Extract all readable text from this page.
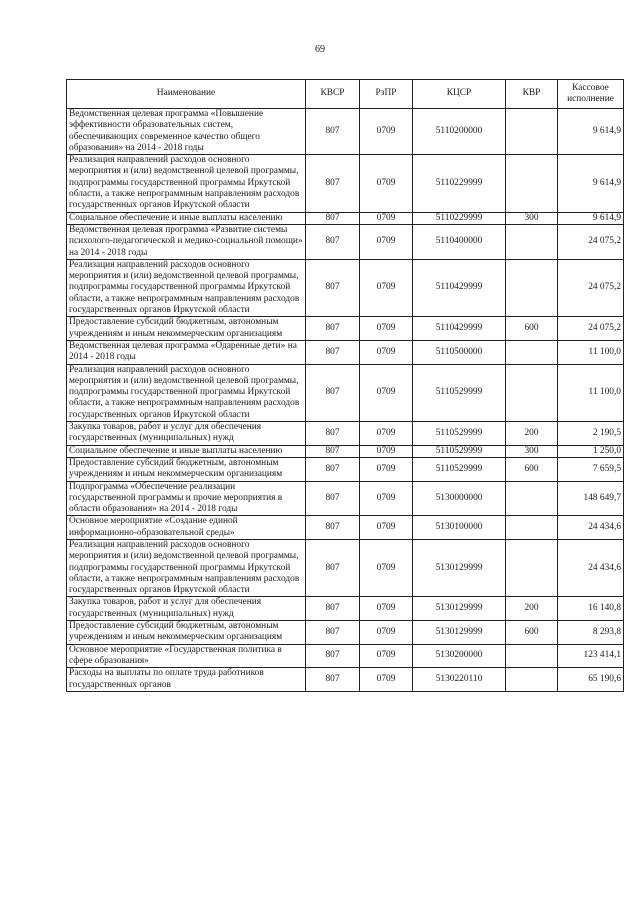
69
Наименование	КВСР	РзПР	КЦСР	КВР	Кассовое исполнение
Ведомственная целевая программа «Повышение эффективности образовательных систем, обеспечивающих современное качество общего образования» на 2014 - 2018 годы	807	0709	5110200000		9 614,9
Реализация направлений расходов основного мероприятия и (или) ведомственной целевой программы, подпрограммы государственной программы Иркутской области, а также непрограммным направлениям расходов государственных органов Иркутской области	807	0709	5110229999		9 614,9
Социальное обеспечение и иные выплаты населению	807	0709	5110229999	300	9 614,9
Ведомственная целевая программа «Развитие системы психолого-педагогической и медико-социальной помощи» на 2014 - 2018 годы	807	0709	5110400000		24 075,2
Реализация направлений расходов основного мероприятия и (или) ведомственной целевой программы, подпрограммы государственной программы Иркутской области, а также непрограммным направлениям расходов государственных органов Иркутской области	807	0709	5110429999		24 075,2
Предоставление субсидий бюджетным, автономным учреждениям и иным некоммерческим организациям	807	0709	5110429999	600	24 075,2
Ведомственная целевая программа «Одаренные дети» на 2014 - 2018 годы	807	0709	5110500000		11 100,0
Реализация направлений расходов основного мероприятия и (или) ведомственной целевой программы, подпрограммы государственной программы Иркутской области, а также непрограммным направлениям расходов государственных органов Иркутской области	807	0709	5110529999		11 100,0
Закупка товаров, работ и услуг для обеспечения государственных (муниципальных) нужд	807	0709	5110529999	200	2 190,5
Социальное обеспечение и иные выплаты населению	807	0709	5110529999	300	1 250,0
Предоставление субсидий бюджетным, автономным учреждениям и иным некоммерческим организациям	807	0709	5110529999	600	7 659,5
Подпрограмма «Обеспечение реализации государственной программы и прочие мероприятия в области образования» на 2014 - 2018 годы	807	0709	5130000000		148 649,7
Основное мероприятие «Создание единой информационно-образовательной среды»	807	0709	5130100000		24 434,6
Реализация направлений расходов основного мероприятия и (или) ведомственной целевой программы, подпрограммы государственной программы Иркутской области, а также непрограммным направлениям расходов государственных органов Иркутской области	807	0709	5130129999		24 434,6
Закупка товаров, работ и услуг для обеспечения государственных (муниципальных) нужд	807	0709	5130129999	200	16 140,8
Предоставление субсидий бюджетным, автономным учреждениям и иным некоммерческим организациям	807	0709	5130129999	600	8 293,8
Основное мероприятие «Государственная политика в сфере образования»	807	0709	5130200000		123 414,1
Расходы на выплаты по оплате труда работников государственных органов	807	0709	5130220110		65 190,6
